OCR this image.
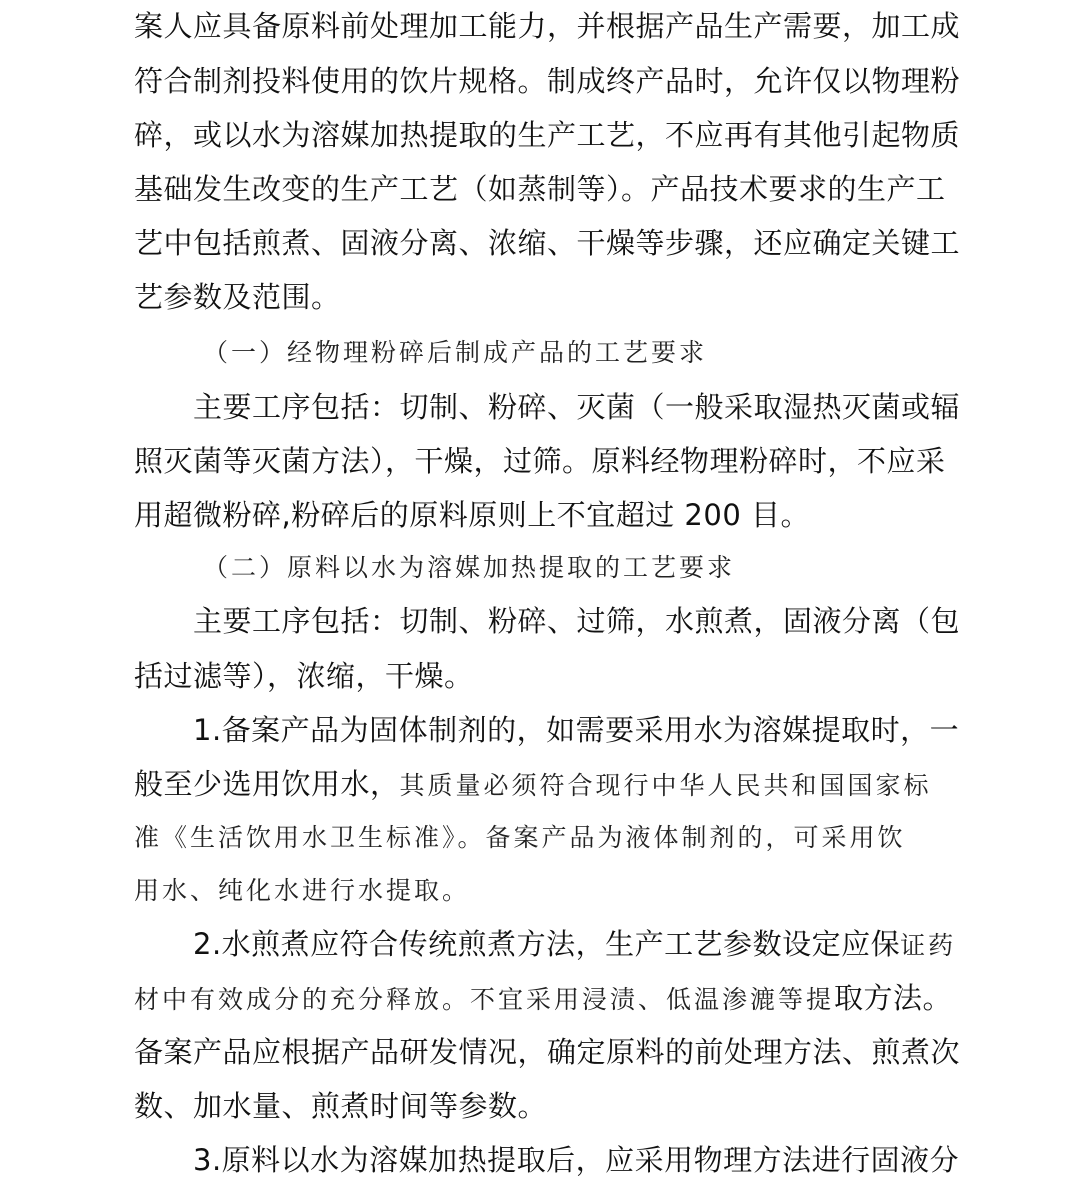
案人应具备原料前处理加工能力，并根据产品生产需要，加工成
符合制剂投料使用的饮片规格。制成终产品时，允许仅以物理粉
碎，或以水为溶媒加热提取的生产工艺，不应再有其他引起物质
基础发生改变的生产工艺（如蒸制等）。产品技术要求的生产工
艺中包括煎煮、固液分离、浓缩、干燥等步骤，还应确定关键工
艺参数及范围。
（一）经物理粉碎后制成产品的工艺要求
主要工序包括：切制、粉碎、灭菌（一般采取湿热灭菌或辐
照灭菌等灭菌方法），干燥，过筛。原料经物理粉碎时，不应采
用超微粉碎,粉碎后的原料原则上不宜超过 200 目。
（二）原料以水为溶媒加热提取的工艺要求
主要工序包括：切制、粉碎、过筛，水煎煮，固液分离（包
括过滤等），浓缩，干燥。
1.备案产品为固体制剂的，如需要采用水为溶媒提取时，一
般至少选用饮用水，其质量必须符合现行中华人民共和国国家标
准《生活饮用水卫生标准》。备案产品为液体制剂的，可采用饮
用水、纯化水进行水提取。
2.水煎煮应符合传统煎煮方法，生产工艺参数设定应保证药
材中有效成分的充分释放。不宜采用浸渍、低温渗漉等提取方法。
备案产品应根据产品研发情况，确定原料的前处理方法、煎煮次
数、加水量、煎煮时间等参数。
3.原料以水为溶媒加热提取后，应采用物理方法进行固液分
